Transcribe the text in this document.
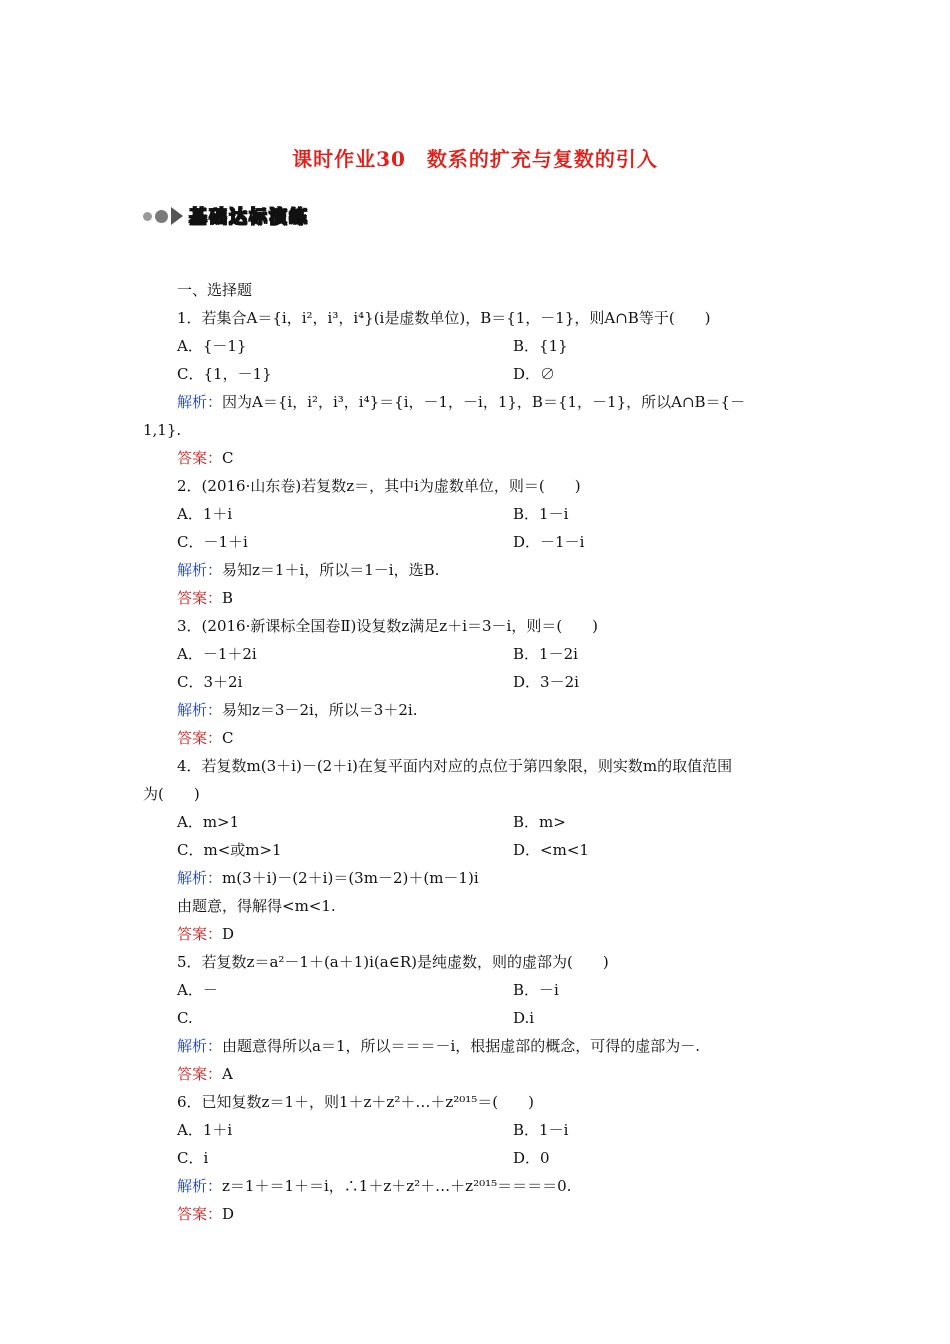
课时作业30　数系的扩充与复数的引入
基础达标演练
一、选择题
1．若集合A＝{i，i²，i³，i⁴}(i是虚数单位)，B＝{1，－1}，则A∩B等于(　　)
A．{－1}	B．{1}
C．{1，－1}	D．∅
解析：因为A＝{i，i²，i³，i⁴}＝{i，－1，－i，1}，B＝{1，－1}，所以A∩B＝{－
1,1}.
答案：C
2．(2016·山东卷)若复数z＝，其中i为虚数单位，则＝(　　)
A．1＋i	B．1－i
C．－1＋i	D．－1－i
解析：易知z＝1＋i，所以＝1－i，选B.
答案：B
3．(2016·新课标全国卷Ⅱ)设复数z满足z＋i＝3－i，则＝(　　)
A．－1＋2i	B．1－2i
C．3＋2i	D．3－2i
解析：易知z＝3－2i，所以＝3＋2i.
答案：C
4．若复数m(3＋i)－(2＋i)在复平面内对应的点位于第四象限，则实数m的取值范围
为(　　)
A．m>1	B．m>
C．m<或m>1	D．<m<1
解析：m(3＋i)－(2＋i)＝(3m－2)＋(m－1)i
由题意，得解得<m<1.
答案：D
5．若复数z＝a²－1＋(a＋1)i(a∈R)是纯虚数，则的虚部为(　　)
A．－	B．－i
C.	D.i
解析：由题意得所以a＝1，所以＝＝＝－i，根据虚部的概念，可得的虚部为－.
答案：A
6．已知复数z＝1＋，则1＋z＋z²＋…＋z²⁰¹⁵＝(　　)
A．1＋i	B．1－i
C．i	D．0
解析：z＝1＋＝1＋＝i，∴1＋z＋z²＋…＋z²⁰¹⁵＝＝＝＝0.
答案：D
